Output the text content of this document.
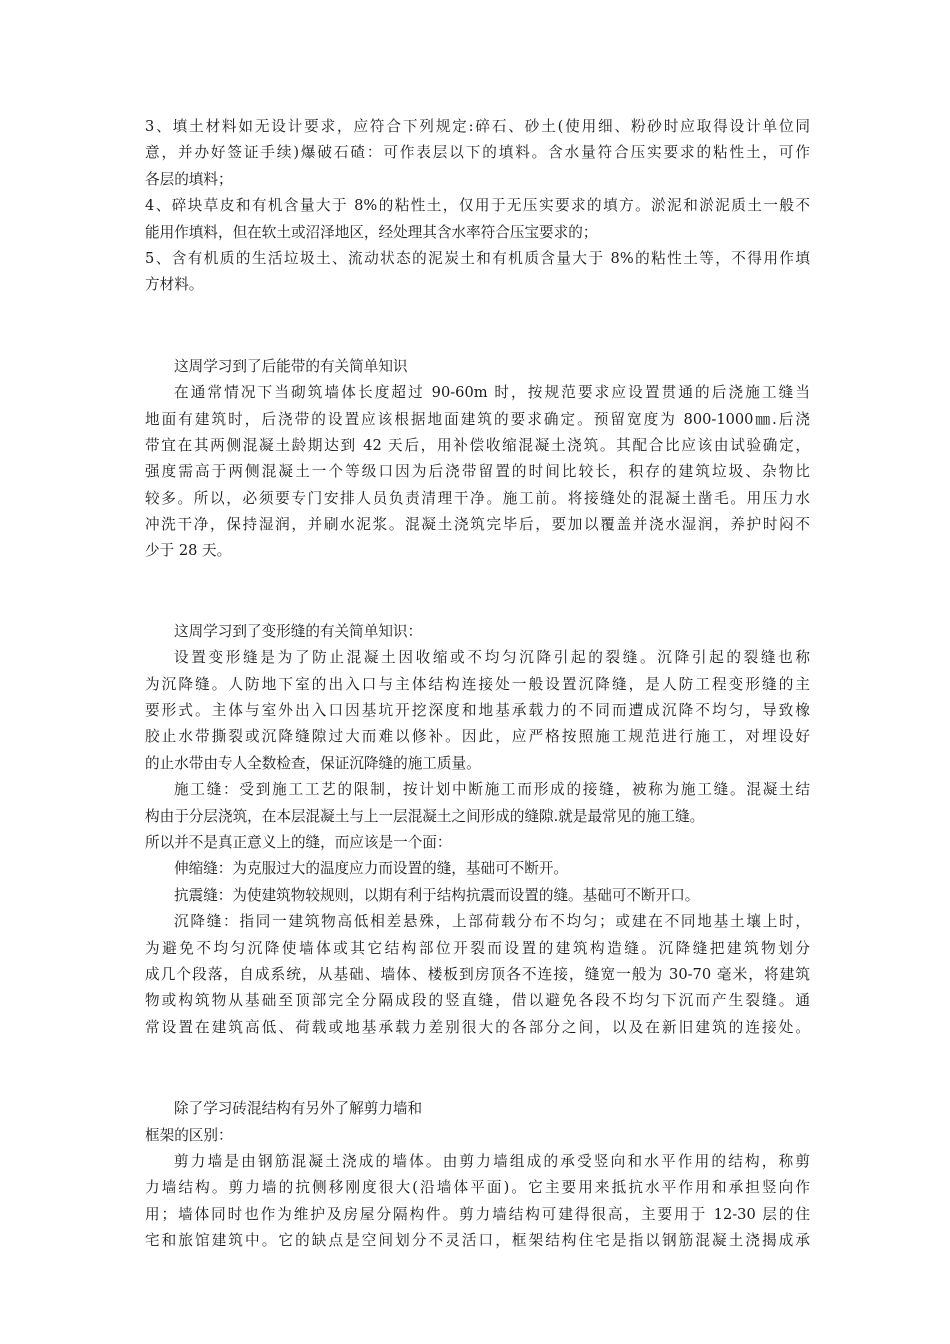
3、填土材料如无设计要求，应符合下列规定:碎石、砂土(使用细、粉砂时应取得设计单位同
意，并办好签证手续)爆破石碴：可作表层以下的填料。含水量符合压实要求的粘性土，可作
各层的填料；
4、碎块草皮和有机含量大于 8%的粘性土，仅用于无压实要求的填方。淤泥和淤泥质土一般不
能用作填料，但在软土或沼泽地区，经处理其含水率符合压宝要求的；
5、含有机质的生活垃圾土、流动状态的泥炭土和有机质含量大于 8%的粘性土等，不得用作填
方材料。
这周学习到了后能带的有关简单知识
在通常情况下当砌筑墙体长度超过 90-60m 时，按规范要求应设置贯通的后浇施工缝当
地面有建筑时，后浇带的设置应该根据地面建筑的要求确定。预留宽度为 800-1000㎜.后浇
带宜在其两侧混凝土龄期达到 42 天后，用补偿收缩混凝土浇筑。其配合比应该由试验确定，
强度需高于两侧混凝土一个等级口因为后浇带留置的时间比较长，积存的建筑垃圾、杂物比
较多。所以，必须要专门安排人员负责清理干净。施工前。将接缝处的混凝土凿毛。用压力水
冲洗干净，保持湿润，并刷水泥浆。混凝土浇筑完毕后，要加以覆盖并浇水湿润，养护时闷不
少于 28 天。
这周学习到了变形缝的有关简单知识：
设置变形缝是为了防止混凝土因收缩或不均匀沉降引起的裂缝。沉降引起的裂缝也称
为沉降缝。人防地下室的出入口与主体结构连接处一般设置沉降缝，是人防工程变形缝的主
要形式。主体与室外出入口因基坑开挖深度和地基承载力的不同而遭成沉降不均匀，导致橡
胶止水带撕裂或沉降缝隙过大而难以修补。因此，应严格按照施工规范进行施工，对埋设好
的止水带由专人全数检查，保证沉降缝的施工质量。
施工缝：受到施工工艺的限制，按计划中断施工而形成的接缝，被称为施工缝。混凝土结
构由于分层浇筑，在本层混凝土与上一层混凝土之间形成的缝隙.就是最常见的施工缝。
所以并不是真正意义上的缝，而应该是一个面：
伸缩缝：为克服过大的温度应力而设置的缝，基础可不断开。
抗震缝：为使建筑物较规则，以期有利于结构抗震而设置的缝。基础可不断开口。
沉降缝：指同一建筑物高低相差悬殊，上部荷载分布不均匀；或建在不同地基土壤上时，
为避免不均匀沉降使墙体或其它结构部位开裂而设置的建筑构造缝。沉降缝把建筑物划分
成几个段落，自成系统，从基础、墙体、楼板到房顶各不连接，缝宽一般为 30-70 毫米，将建筑
物或构筑物从基础至顶部完全分隔成段的竖直缝，借以避免各段不均匀下沉而产生裂缝。通
常设置在建筑高低、荷载或地基承载力差别很大的各部分之间，以及在新旧建筑的连接处。
除了学习砖混结构有另外了解剪力墙和
框架的区别：
剪力墙是由钢筋混凝土浇成的墙体。由剪力墙组成的承受竖向和水平作用的结构，称剪
力墙结构。剪力墙的抗侧移刚度很大(沿墙体平面)。它主要用来抵抗水平作用和承担竖向作
用；墙体同时也作为维护及房屋分隔构件。剪力墙结构可建得很高，主要用于 12-30 层的住
宅和旅馆建筑中。它的缺点是空间划分不灵活口，框架结构住宅是指以钢筋混凝土浇揭成承
